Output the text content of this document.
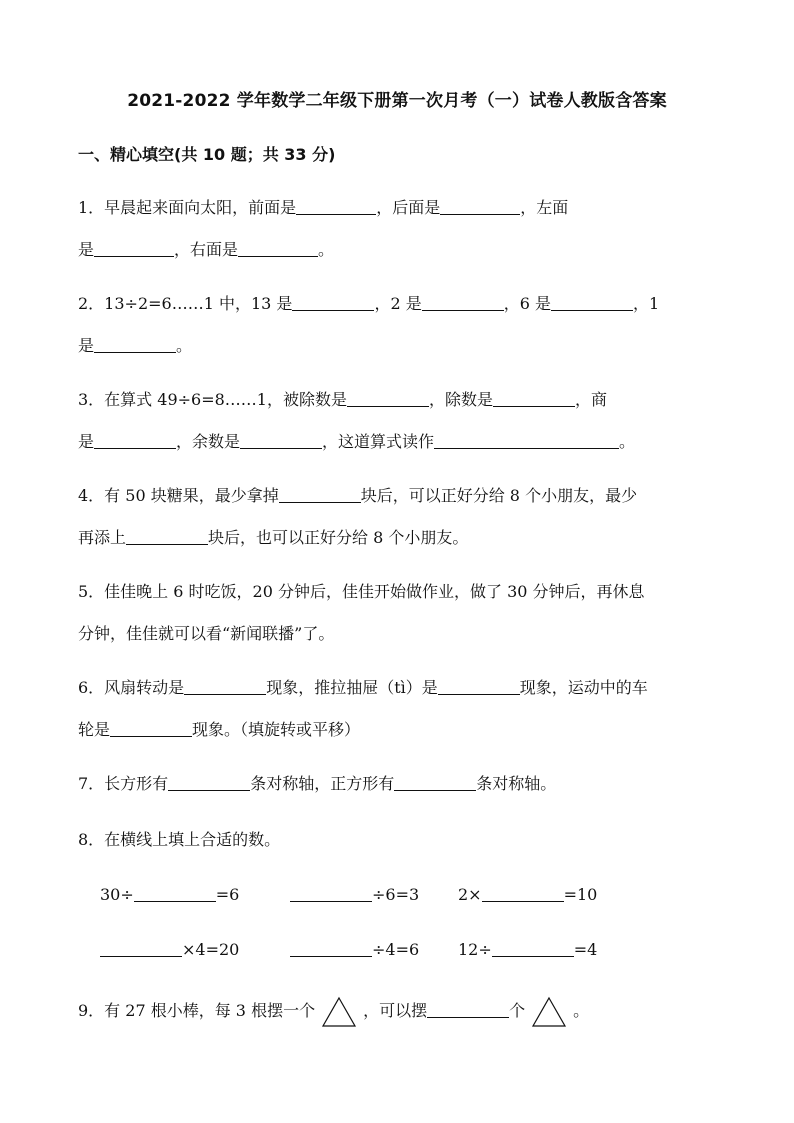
2021-2022 学年数学二年级下册第一次月考（一）试卷人教版含答案
一、精心填空(共 10 题；共 33 分)
1．早晨起来面向太阳，前面是	，后面是	，左面
是	，右面是	。
2．13÷2=6……1 中，13 是	，2 是	，6 是	，1
是	。
3．在算式 49÷6=8……1，被除数是	，除数是	，商
是	，余数是	，这道算式读作	。
4．有 50 块糖果，最少拿掉	块后，可以正好分给 8 个小朋友，最少
再添上	块后，也可以正好分给 8 个小朋友。
5．佳佳晚上 6 时吃饭，20 分钟后，佳佳开始做作业，做了 30 分钟后，再休息
分钟，佳佳就可以看“新闻联播”了。
6．风扇转动是	现象，推拉抽屉（tì）是	现象，运动中的车
轮是	现象。（填旋转或平移）
7．长方形有	条对称轴，正方形有	条对称轴。
8．在横线上填上合适的数。
30÷	=6	÷6=3 2×	=10
×4=20	÷4=6 12÷	=4
9．有 27 根小棒，每 3 根摆一个	，可以摆	个	。
